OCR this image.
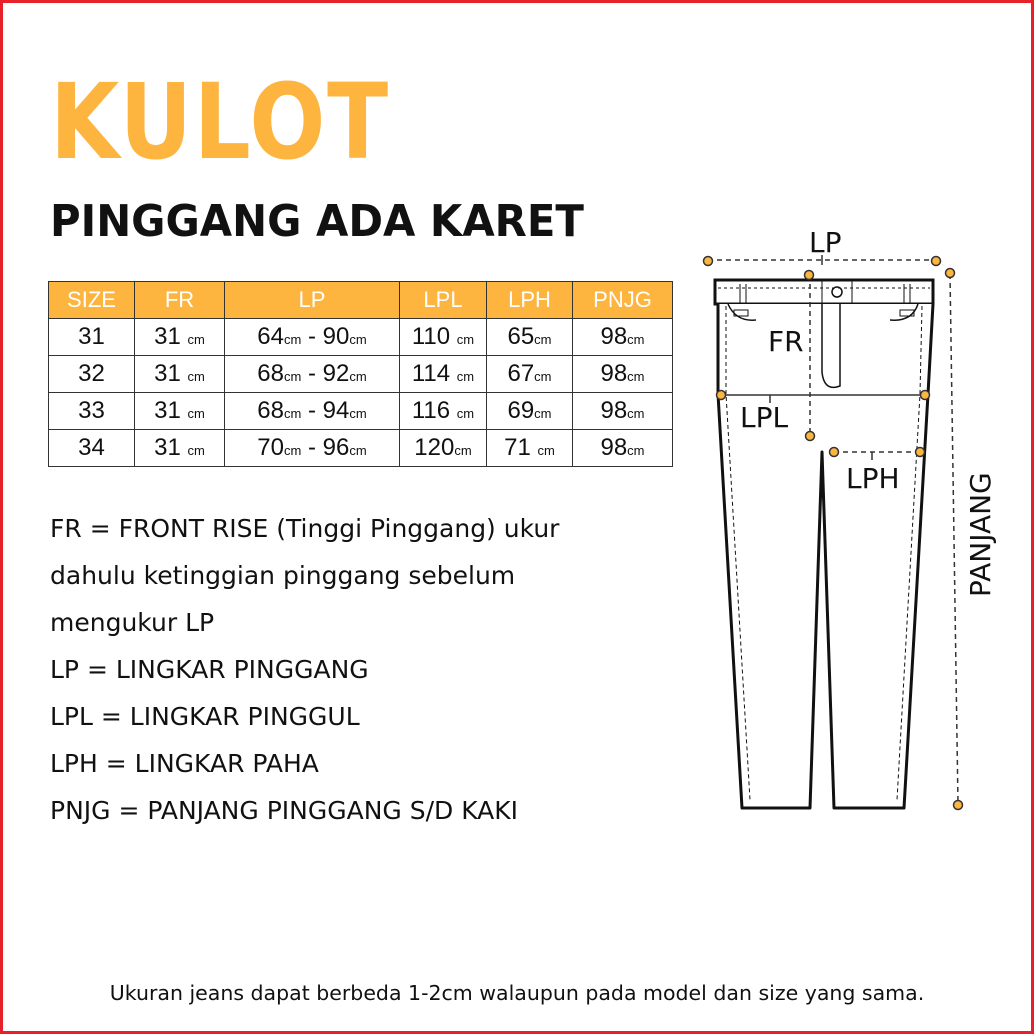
KULOT
PINGGANG ADA KARET
SIZE	FR	LP	LPL	LPH	PNJG
31	31 cm	64cm - 90cm	110 cm	65cm	98cm
32	31 cm	68cm - 92cm	114 cm	67cm	98cm
33	31 cm	68cm - 94cm	116 cm	69cm	98cm
34	31 cm	70cm - 96cm	120cm	71 cm	98cm

FR = FRONT RISE (Tinggi Pinggang) ukur

dahulu ketinggian pinggang sebelum

mengukur LP

LP = LINGKAR PINGGANG

LPL = LINGKAR PINGGUL

LPH = LINGKAR PAHA

PNJG = PANJANG PINGGANG S/D KAKI

LP
FR
LPL
LPH PANJANG

Ukuran jeans dapat berbeda 1-2cm walaupun pada model dan size yang sama.
